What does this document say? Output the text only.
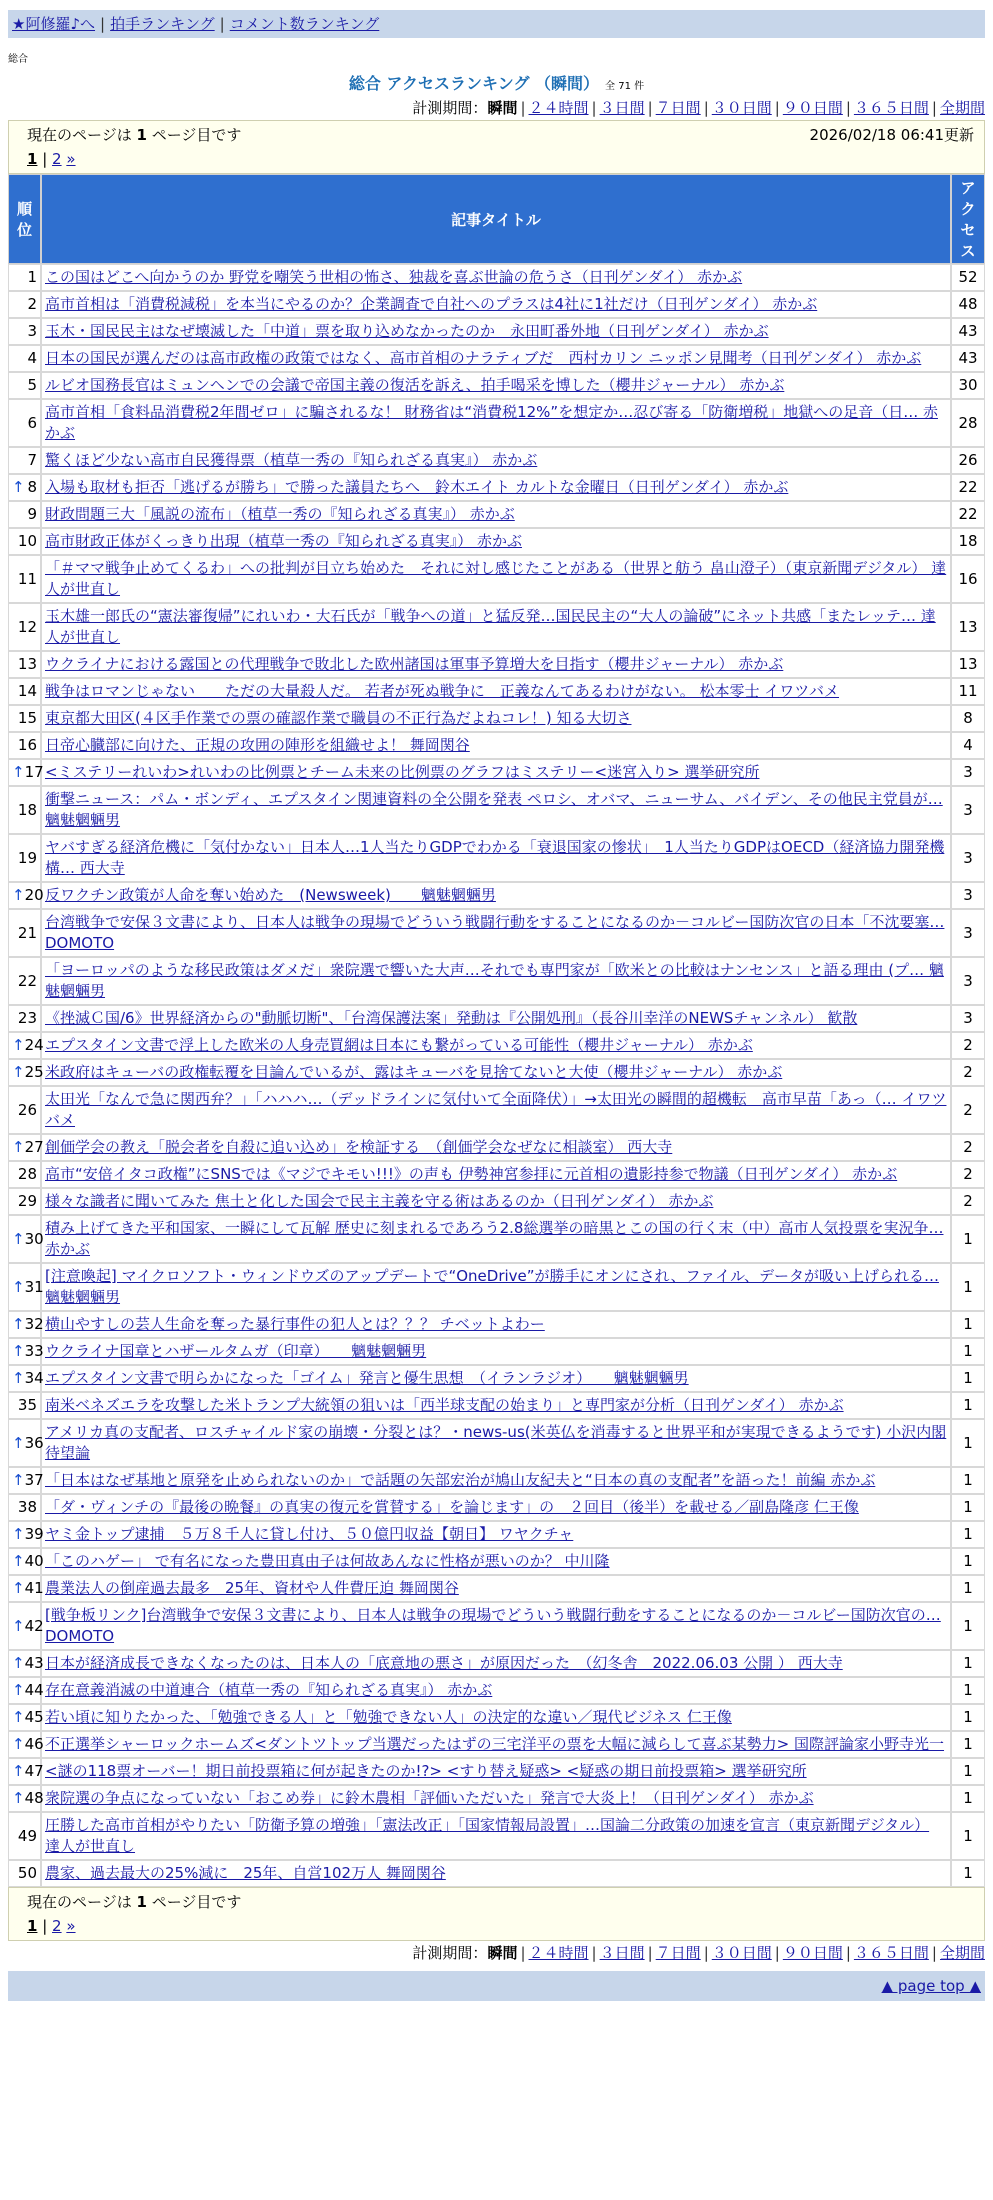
★阿修羅♪へ | 拍手ランキング | コメント数ランキング
総合
総合 アクセスランキング （瞬間） 全 71 件
計測期間：瞬間 | ２４時間 | ３日間 | ７日間 | ３０日間 | ９０日間 | ３６５日間 | 全期間
現在のページは 1 ページ目です	2026/02/18 06:41更新
1 | 2 »
順位	記事タイトル	アクセス
1	この国はどこへ向かうのか 野党を嘲笑う世相の怖さ、独裁を喜ぶ世論の危うさ（日刊ゲンダイ） 赤かぶ	52
2	高市首相は「消費税減税」を本当にやるのか？企業調査で自社へのプラスは4社に1社だけ（日刊ゲンダイ） 赤かぶ	48
3	玉木・国民民主はなぜ壊滅した「中道」票を取り込めなかったのか　永田町番外地（日刊ゲンダイ） 赤かぶ	43
4	日本の国民が選んだのは高市政権の政策ではなく、高市首相のナラティブだ　西村カリン ニッポン見聞考（日刊ゲンダイ） 赤かぶ	43
5	ルビオ国務長官はミュンヘンでの会議で帝国主義の復活を訴え、拍手喝采を博した（櫻井ジャーナル） 赤かぶ	30
6	高市首相「食料品消費税2年間ゼロ」に騙されるな！ 財務省は“消費税12%”を想定か…忍び寄る「防衛増税」地獄への足音（日… 赤かぶ	28
7	驚くほど少ない高市自民獲得票（植草一秀の『知られざる真実』） 赤かぶ	26

↑ 8	入場も取材も拒否「逃げるが勝ち」で勝った議員たちへ　鈴木エイト カルトな金曜日（日刊ゲンダイ） 赤かぶ	22
9	財政問題三大「風説の流布」（植草一秀の『知られざる真実』） 赤かぶ	22
10	高市財政正体がくっきり出現（植草一秀の『知られざる真実』） 赤かぶ	18
11	「＃ママ戦争止めてくるわ」への批判が目立ち始めた　それに対し感じたことがある（世界と舫う 畠山澄子）（東京新聞デジタル） 達人が世直し	16
12	玉木雄一郎氏の“憲法審復帰”にれいわ・大石氏が「戦争への道」と猛反発…国民民主の“大人の論破”にネット共感「またレッテ… 達人が世直し	13
13	ウクライナにおける露国との代理戦争で敗北した欧州諸国は軍事予算増大を目指す（櫻井ジャーナル） 赤かぶ	13
14	戦争はロマンじゃない　　ただの大量殺人だ。 若者が死ぬ戦争に　正義なんてあるわけがない。 松本零士 イワツバメ	11
15	東京都大田区(４区手作業での票の確認作業で職員の不正行為だよねコレ！) 知る大切さ	8
16	日帝心臓部に向けた、正規の攻囲の陣形を組織せよ！ 舞岡関谷	4

↑ 17	<ミステリーれいわ>れいわの比例票とチーム未来の比例票のグラフはミステリー<迷宮入り> 選挙研究所	3
18	衝撃ニュース：パム・ボンディ、エプスタイン関連資料の全公開を発表 ペロシ、オバマ、ニューサム、バイデン、その他民主党員が… 魑魅魍魎男	3
19	ヤバすぎる経済危機に「気付かない」日本人…1人当たりGDPでわかる「衰退国家の惨状」　1人当たりGDPはOECD（経済協力開発機構… 西大寺	3

↑ 20	反ワクチン政策が人命を奪い始めた　(Newsweek)　　魑魅魍魎男	3
21	台湾戦争で安保３文書により、日本人は戦争の現場でどういう戦闘行動をすることになるのか－コルビー国防次官の日本「不沈要塞… DOMOTO	3
22	「ヨーロッパのような移民政策はダメだ」衆院選で響いた大声…それでも専門家が「欧米との比較はナンセンス」と語る理由 (プ… 魑魅魍魎男	3
23	《挫滅Ｃ国/6》世界経済からの"動脈切断"、「台湾保護法案」発動は『公開処刑』（長谷川幸洋のNEWSチャンネル） 歓散	3

↑ 24	エプスタイン文書で浮上した欧米の人身売買網は日本にも繋がっている可能性（櫻井ジャーナル） 赤かぶ	2

↑ 25	米政府はキューバの政権転覆を目論んでいるが、露はキューバを見捨てないと大使（櫻井ジャーナル） 赤かぶ	2
26	太田光「なんで急に関西弁？」「ハハハ…（デッドラインに気付いて全面降伏）」→太田光の瞬間的超機転　高市早苗「あっ（… イワツバメ	2

↑ 27	創価学会の教え「脱会者を自殺に追い込め」を検証する　（創価学会なぜなに相談室） 西大寺	2
28	高市“安倍イタコ政権”にSNSでは《マジでキモい!!!》の声も 伊勢神宮参拝に元首相の遺影持参で物議（日刊ゲンダイ） 赤かぶ	2
29	様々な識者に聞いてみた 焦土と化した国会で民主主義を守る術はあるのか（日刊ゲンダイ） 赤かぶ	2

↑ 30	積み上げてきた平和国家、一瞬にして瓦解 歴史に刻まれるであろう2.8総選挙の暗黒とこの国の行く末（中）高市人気投票を実況争… 赤かぶ	1

↑ 31	[注意喚起] マイクロソフト・ウィンドウズのアップデートで“OneDrive”が勝手にオンにされ、ファイル、データが吸い上げられる… 魑魅魍魎男	1

↑ 32	横山やすしの芸人生命を奪った暴行事件の犯人とは？？？ チベットよわー	1

↑ 33	ウクライナ国章とハザールタムガ（印章）　　魑魅魍魎男	1

↑ 34	エプスタイン文書で明らかになった「ゴイム」発言と優生思想　（イランラジオ）　　魑魅魍魎男	1
35	南米ベネズエラを攻撃した米トランプ大統領の狙いは「西半球支配の始まり」と専門家が分析（日刊ゲンダイ） 赤かぶ	1

↑ 36	アメリカ真の支配者、ロスチャイルド家の崩壊・分裂とは？・news-us(米英仏を消毒すると世界平和が実現できるようです) 小沢内閣待望論	1

↑ 37	「日本はなぜ基地と原発を止められないのか」で話題の矢部宏治が鳩山友紀夫と“日本の真の支配者”を語った！前編 赤かぶ	1
38	「ダ・ヴィンチの『最後の晩餐』の真実の復元を賞賛する」を論じます」の　２回目（後半）を載せる／副島隆彦 仁王像	1

↑ 39	ヤミ金トップ逮捕　５万８千人に貸し付け、５０億円収益【朝日】 ワヤクチャ	1

↑ 40	「このハゲー」 で有名になった豊田真由子は何故あんなに性格が悪いのか？ 中川隆	1

↑ 41	農業法人の倒産過去最多　25年、資材や人件費圧迫 舞岡関谷	1

↑ 42	[戦争板リンク]台湾戦争で安保３文書により、日本人は戦争の現場でどういう戦闘行動をすることになるのか－コルビー国防次官の… DOMOTO	1

↑ 43	日本が経済成長できなくなったのは、日本人の「底意地の悪さ」が原因だった　（幻冬舎　2022.06.03 公開 ） 西大寺	1

↑ 44	存在意義消滅の中道連合（植草一秀の『知られざる真実』） 赤かぶ	1

↑ 45	若い頃に知りたかった、「勉強できる人」と「勉強できない人」の決定的な違い／現代ビジネス 仁王像	1

↑ 46	不正選挙シャーロックホームズ<ダントツトップ当選だったはずの三宅洋平の票を大幅に減らして喜ぶ某勢力> 国際評論家小野寺光一	1

↑ 47	<謎の118票オーバー！期日前投票箱に何が起きたのか!?> <すり替え疑惑> <疑惑の期日前投票箱> 選挙研究所	1

↑ 48	衆院選の争点になっていない「おこめ券」に鈴木農相「評価いただいた」発言で大炎上！（日刊ゲンダイ） 赤かぶ	1
49	圧勝した高市首相がやりたい「防衛予算の増強」「憲法改正」「国家情報局設置」…国論二分政策の加速を宣言（東京新聞デジタル） 達人が世直し	1
50	農家、過去最大の25%減に　25年、自営102万人 舞岡関谷	1
現在のページは 1 ページ目です
1 | 2 »
計測期間：瞬間 | ２４時間 | ３日間 | ７日間 | ３０日間 | ９０日間 | ３６５日間 | 全期間
▲ page top ▲
